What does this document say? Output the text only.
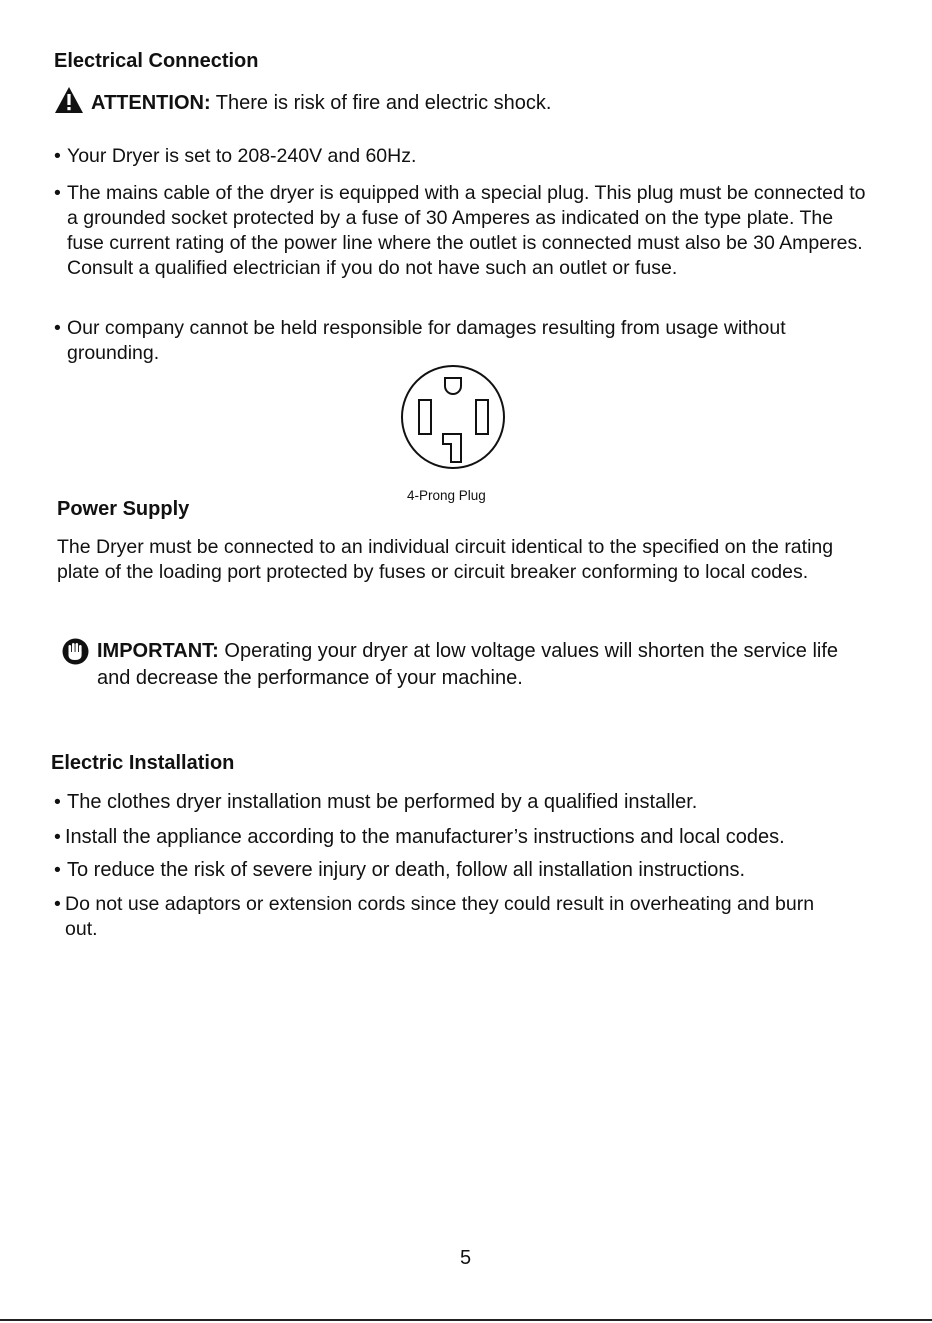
Electrical Connection
ATTENTION: There is risk of fire and electric shock.
• Your Dryer is set to 208-240V and 60Hz.
• The mains cable of the dryer is equipped with a special plug. This plug must be connected to a grounded socket protected by a fuse of 30 Amperes as indicated on the type plate. The fuse current rating of the power line where the outlet is connected must also be 30 Amperes. Consult a qualified electrician if you do not have such an outlet or fuse.
• Our company cannot be held responsible for damages resulting from usage without grounding.
4-Prong Plug
Power Supply
The Dryer must be connected to an individual circuit identical to the specified on the rating plate of the loading port protected by fuses or circuit breaker conforming to local codes.
IMPORTANT: Operating your dryer at low voltage values will shorten the service life and decrease the performance of your machine.
Electric Installation
• The clothes dryer installation must be performed by a qualified installer.
• Install the appliance according to the manufacturer’s instructions and local codes.
• To reduce the risk of severe injury or death, follow all installation instructions.
• Do not use adaptors or extension cords since they could result in overheating and burn out.
5
